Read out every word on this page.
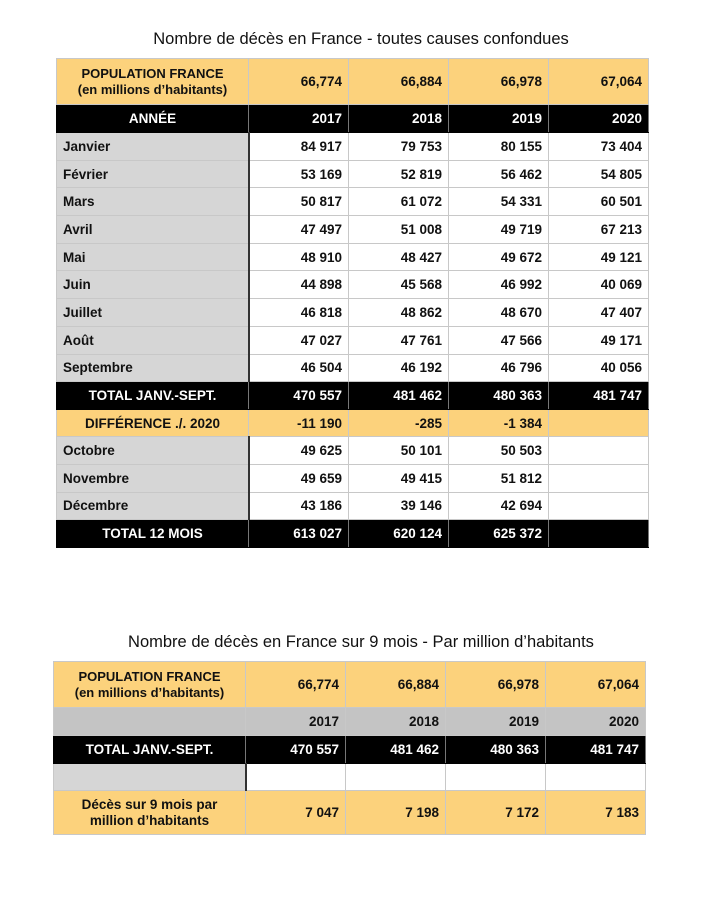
Nombre de décès en France - toutes causes confondues
POPULATION FRANCE
(en millions d’habitants)	66,774	66,884	66,978	67,064
ANNÉE	2017	2018	2019	2020
Janvier	84 917	79 753	80 155	73 404
Février	53 169	52 819	56 462	54 805
Mars	50 817	61 072	54 331	60 501
Avril	47 497	51 008	49 719	67 213
Mai	48 910	48 427	49 672	49 121
Juin	44 898	45 568	46 992	40 069
Juillet	46 818	48 862	48 670	47 407
Août	47 027	47 761	47 566	49 171
Septembre	46 504	46 192	46 796	40 056
TOTAL JANV.-SEPT.	470 557	481 462	480 363	481 747
DIFFÉRENCE ./. 2020	-11 190	-285	-1 384	
Octobre	49 625	50 101	50 503	
Novembre	49 659	49 415	51 812	
Décembre	43 186	39 146	42 694	
TOTAL 12 MOIS	613 027	620 124	625 372	
Nombre de décès en France sur 9 mois - Par million d’habitants
POPULATION FRANCE
(en millions d’habitants)	66,774	66,884	66,978	67,064
	2017	2018	2019	2020
TOTAL JANV.-SEPT.	470 557	481 462	480 363	481 747

Décès sur 9 mois par
million d’habitants	7 047	7 198	7 172	7 183
